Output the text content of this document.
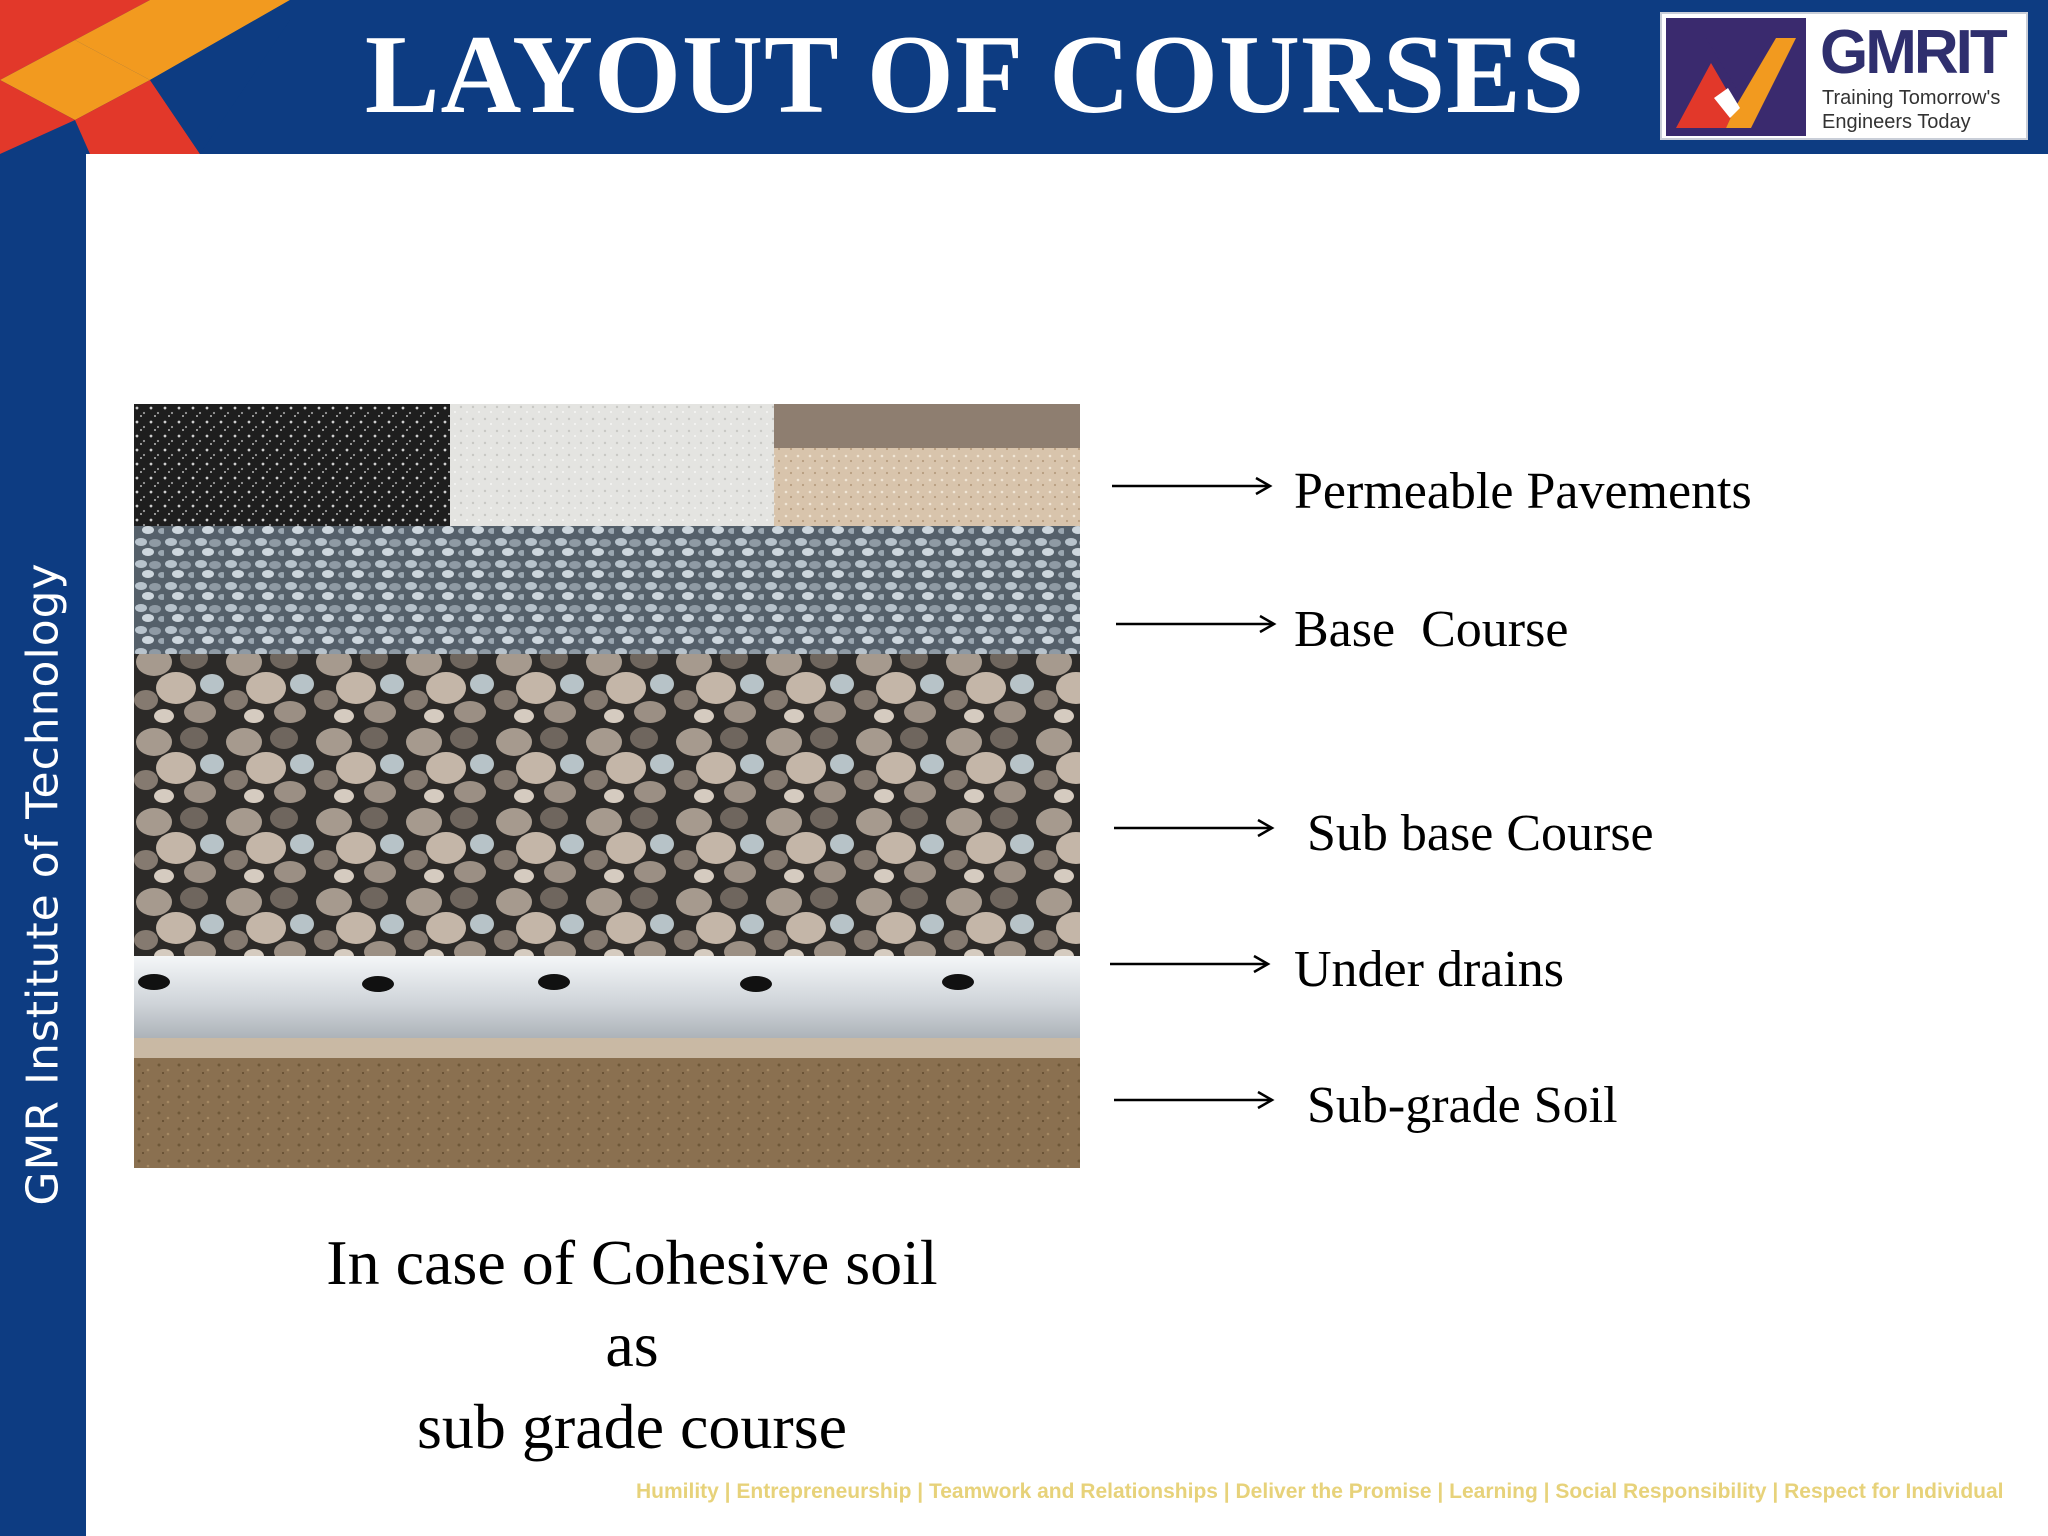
LAYOUT OF COURSES	GMRIT
Training Tomorrow's
Engineers Today
GMR Institute of Technology
Permeable Pavements
Base  Course
Sub base Course
Under drains
Sub-grade Soil
In case of Cohesive soil
as
sub grade course
Humility | Entrepreneurship | Teamwork and Relationships | Deliver the Promise | Learning | Social Responsibility | Respect for Individual
